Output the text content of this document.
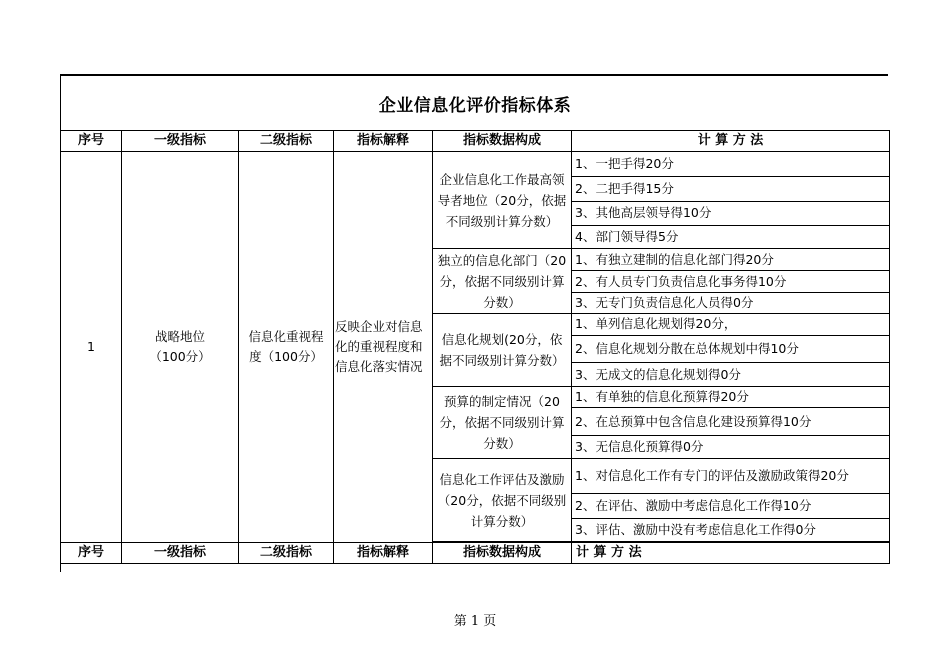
企业信息化评价指标体系
序号	一级指标	二级指标	指标解释	指标数据构成	计 算 方 法
1	战略地位（100分）	信息化重视程度（100分）	反映企业对信息化的重视程度和信息化落实情况	企业信息化工作最高领导者地位（20分，依据不同级别计算分数）	1、一把手得20分
					2、二把手得15分
					3、其他高层领导得10分
					4、部门领导得5分
				独立的信息化部门（20分，依据不同级别计算分数）	1、有独立建制的信息化部门得20分
					2、有人员专门负责信息化事务得10分
					3、无专门负责信息化人员得0分
				信息化规划(20分，依据不同级别计算分数）	1、单列信息化规划得20分，
					2、信息化规划分散在总体规划中得10分
					3、无成文的信息化规划得0分
				预算的制定情况（20分，依据不同级别计算分数）	1、有单独的信息化预算得20分
					2、在总预算中包含信息化建设预算得10分
					3、无信息化预算得0分
				信息化工作评估及激励（20分，依据不同级别计算分数）	1、对信息化工作有专门的评估及激励政策得20分
					2、在评估、激励中考虑信息化工作得10分
					3、评估、激励中没有考虑信息化工作得0分

序号	一级指标	二级指标	指标解释	指标数据构成	计 算 方 法
第 1 页
